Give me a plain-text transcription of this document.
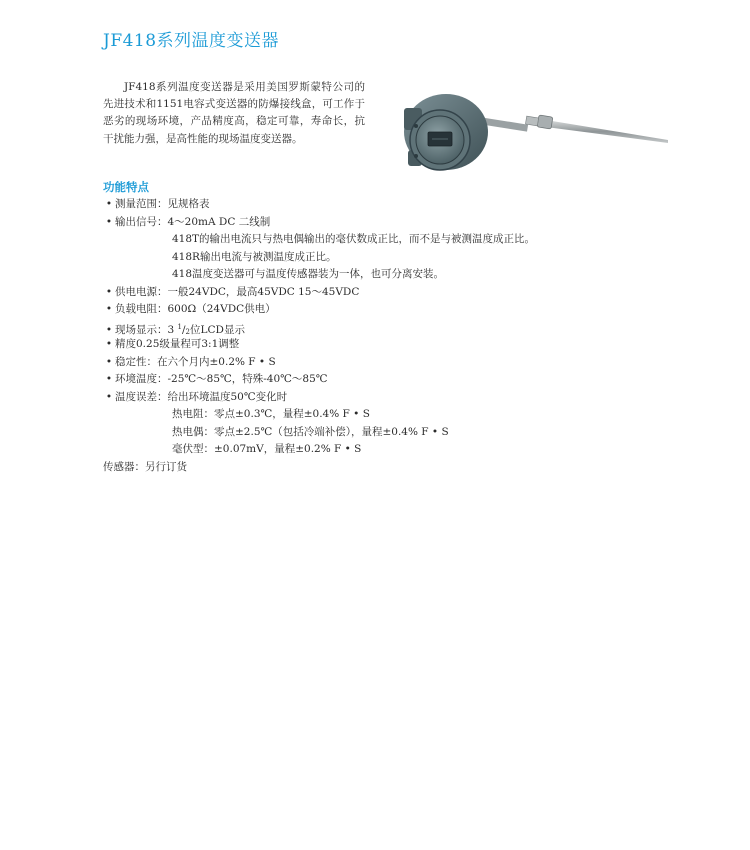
JF418系列温度变送器
JF418系列温度变送器是采用美国罗斯蒙特公司的先进技术和1151电容式变送器的防爆接线盒，可工作于恶劣的现场环境，产品精度高，稳定可靠，寿命长，抗干扰能力强，是高性能的现场温度变送器。
功能特点
• 测量范围：见规格表
• 输出信号：4～20mA DC 二线制
418T的输出电流只与热电偶输出的毫伏数成正比，而不是与被测温度成正比。
418R输出电流与被测温度成正比。
418温度变送器可与温度传感器装为一体，也可分离安装。
• 供电电源：一般24VDC，最高45VDC 15～45VDC
• 负载电阻：600Ω（24VDC供电）
• 现场显示：3 $^1$/2位LCD显示
• 精度0.25级量程可3:1调整
• 稳定性：在六个月内±0.2% F • S
• 环境温度：-25℃～85℃，特殊-40℃～85℃
• 温度误差：给出环境温度50℃变化时
热电阻：零点±0.3℃，量程±0.4% F • S
热电偶：零点±2.5℃（包括冷端补偿），量程±0.4% F • S
毫伏型：±0.07mV，量程±0.2% F • S
传感器：另行订货
